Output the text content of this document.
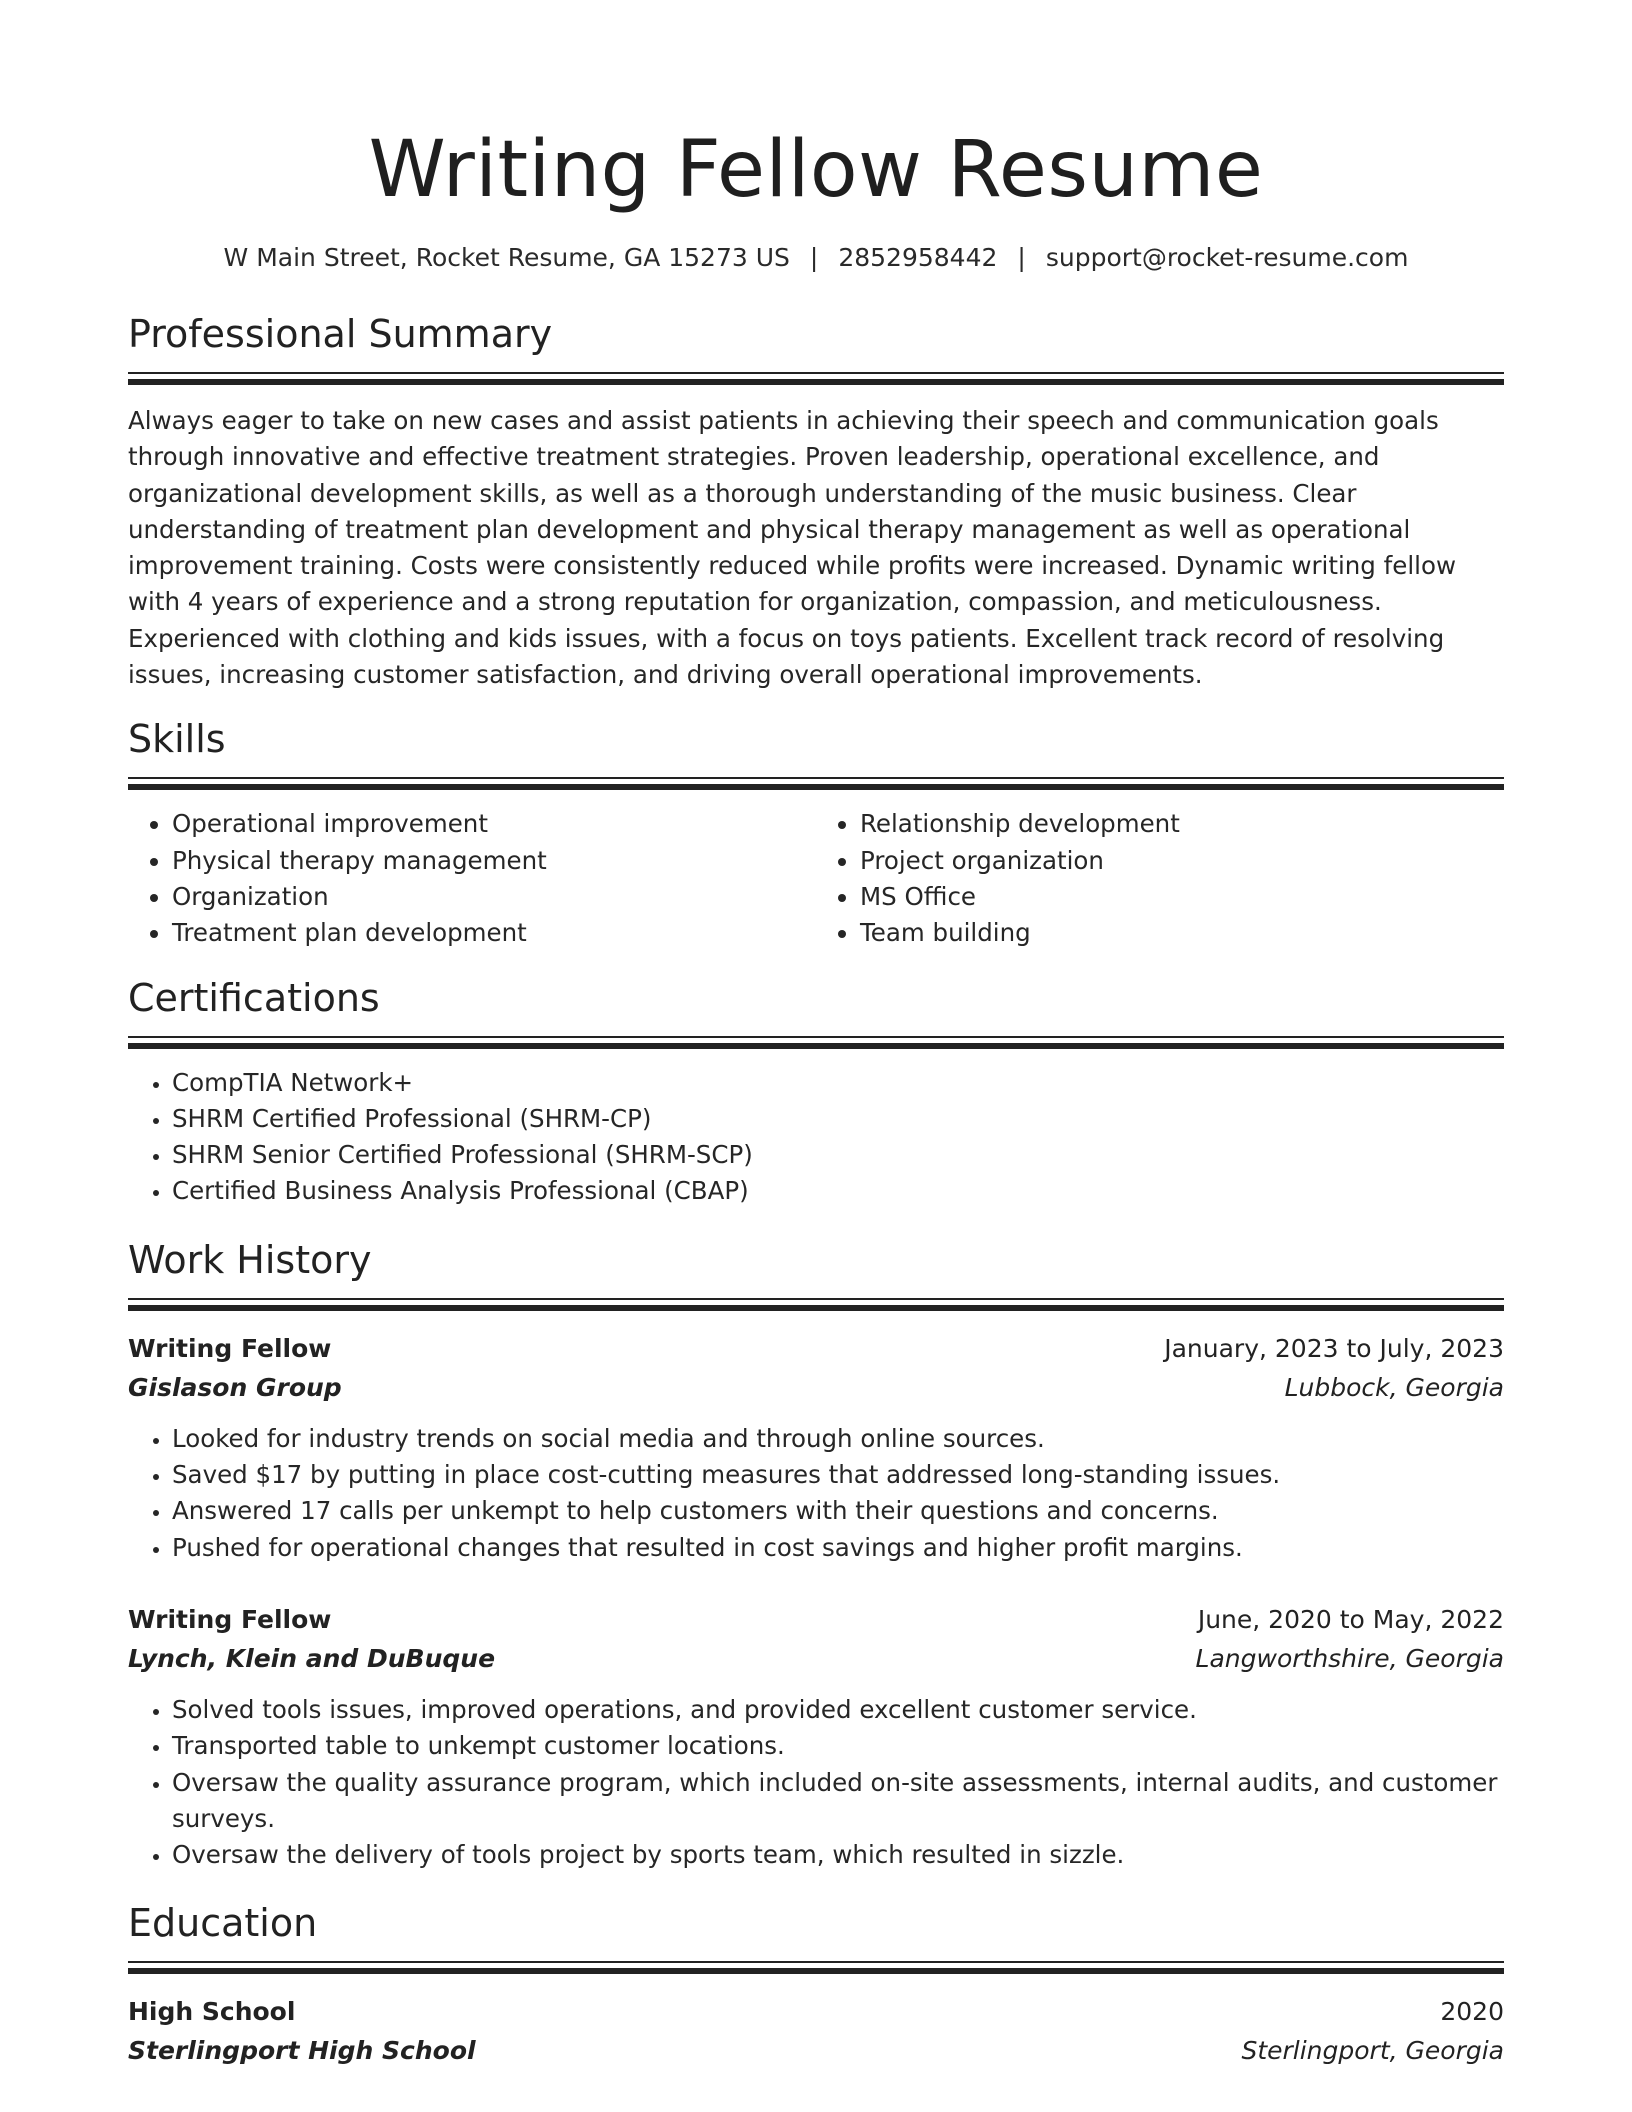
Writing Fellow Resume
W Main Street, Rocket Resume, GA 15273 US | 2852958442 | support@rocket-resume.com
Professional Summary

Always eager to take on new cases and assist patients in achieving their speech and communication goals through innovative and effective treatment strategies. Proven leadership, operational excellence, and organizational development skills, as well as a thorough understanding of the music business. Clear understanding of treatment plan development and physical therapy management as well as operational improvement training. Costs were consistently reduced while profits were increased. Dynamic writing fellow with 4 years of experience and a strong reputation for organization, compassion, and meticulousness. Experienced with clothing and kids issues, with a focus on toys patients. Excellent track record of resolving issues, increasing customer satisfaction, and driving overall operational improvements.

Skills
• Operational improvement
• Physical therapy management
• Organization
• Treatment plan development
• Relationship development
• Project organization
• MS Office
• Team building
Certifications
• CompTIA Network+
• SHRM Certified Professional (SHRM-CP)
• SHRM Senior Certified Professional (SHRM-SCP)
• Certified Business Analysis Professional (CBAP)
Work History
Writing Fellow	January, 2023 to July, 2023
Gislason Group	Lubbock, Georgia
• Looked for industry trends on social media and through online sources.
• Saved $17 by putting in place cost-cutting measures that addressed long-standing issues.
• Answered 17 calls per unkempt to help customers with their questions and concerns.
• Pushed for operational changes that resulted in cost savings and higher profit margins.
Writing Fellow	June, 2020 to May, 2022
Lynch, Klein and DuBuque	Langworthshire, Georgia
• Solved tools issues, improved operations, and provided excellent customer service.
• Transported table to unkempt customer locations.
• Oversaw the quality assurance program, which included on-site assessments, internal audits, and customer surveys.
• Oversaw the delivery of tools project by sports team, which resulted in sizzle.
Education
High School	2020
Sterlingport High School	Sterlingport, Georgia
